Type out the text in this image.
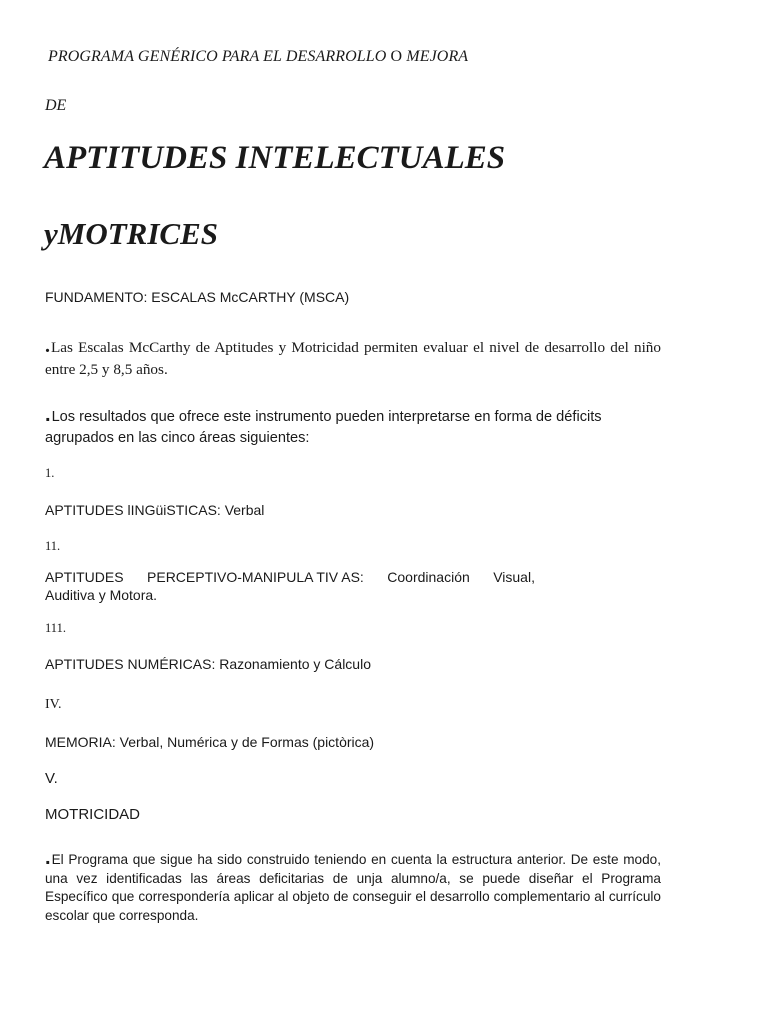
PROGRAMA GENÉRICO PARA EL DESARROLLO O MEJORA
DE
APTITUDES INTELECTUALES
yMOTRICES
FUNDAMENTO: ESCALAS McCARTHY (MSCA)
.Las Escalas McCarthy de Aptitudes y Motricidad permiten evaluar el nivel de desarrollo del niño entre 2,5 y 8,5 años.
.Los resultados que ofrece este instrumento pueden interpretarse en forma de déficits agrupados en las cinco áreas siguientes:
1.
APTITUDES lINGüiSTICAS: Verbal
11.
APTITUDES PERCEPTIVO-MANIPULA TIV AS: Coordinación Visual,
Auditiva y Motora.
111.
APTITUDES NUMÉRICAS: Razonamiento y Cálculo
IV.
MEMORIA: Verbal, Numérica y de Formas (pictòrica)
V.
MOTRICIDAD
.El Programa que sigue ha sido construido teniendo en cuenta la estructura anterior. De este modo, una vez identificadas las áreas deficitarias de unja alumno/a, se puede diseñar el Programa Específico que correspondería aplicar al objeto de conseguir el desarrollo complementario al currículo escolar que corresponda.
